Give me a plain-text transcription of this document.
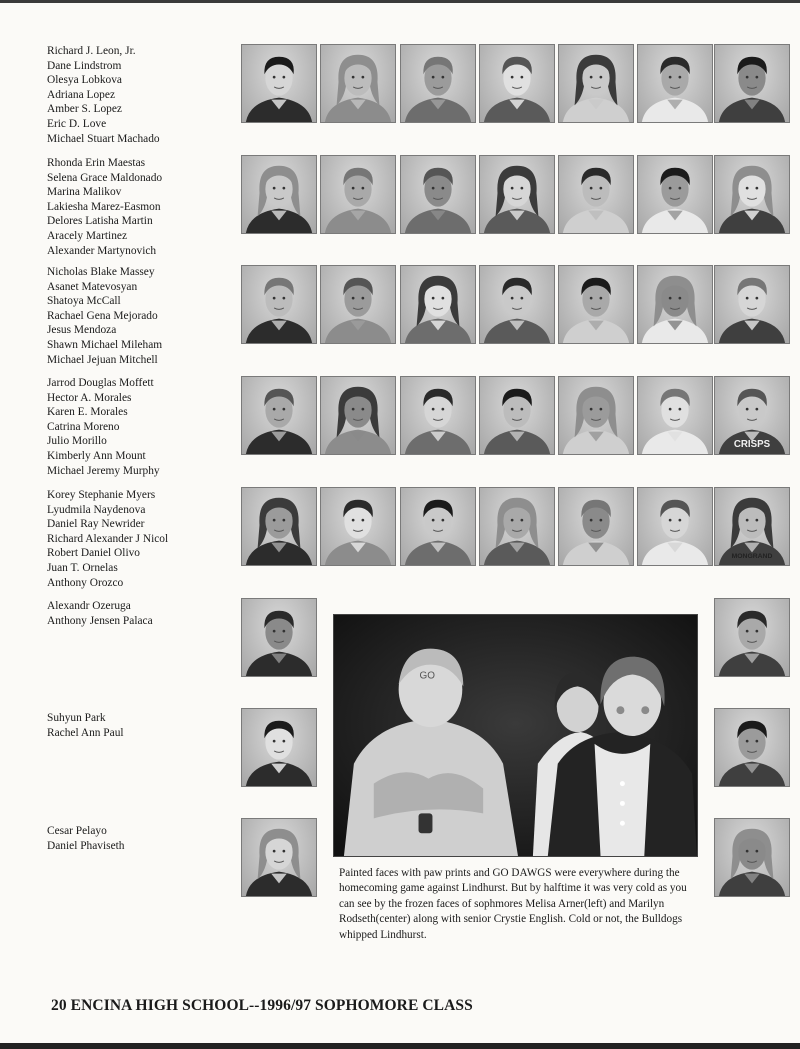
Richard J. Leon, Jr.
Dane Lindstrom
Olesya Lobkova
Adriana Lopez
Amber S. Lopez
Eric D. Love
Michael Stuart Machado
Rhonda Erin Maestas
Selena Grace Maldonado
Marina Malikov
Lakiesha Marez-Easmon
Delores Latisha Martin
Aracely Martinez
Alexander Martynovich
Nicholas Blake Massey
Asanet Matevosyan
Shatoya McCall
Rachael Gena Mejorado
Jesus Mendoza
Shawn Michael Mileham
Michael Jejuan Mitchell
Jarrod Douglas Moffett
Hector A. Morales
Karen E. Morales
Catrina Moreno
Julio Morillo
Kimberly Ann Mount
Michael Jeremy Murphy
Korey Stephanie Myers
Lyudmila Naydenova
Daniel Ray Newrider
Richard Alexander J Nicol
Robert Daniel Olivo
Juan T. Ornelas
Anthony Orozco
Alexandr Ozeruga
Anthony Jensen Palaca
Suhyun Park
Rachel Ann Paul
Cesar Pelayo
Daniel Phaviseth
CRISPS
MONGRAND
GO

Painted faces with paw prints and GO DAWGS were everywhere during the homecoming game against Lindhurst. But by halftime it was very cold as you can see by the frozen faces of sophmores Melisa Arner(left) and Marilyn Rodseth(center) along with senior Crystie English. Cold or not, the Bulldogs whipped Lindhurst.

20 ENCINA HIGH SCHOOL--1996/97 SOPHOMORE CLASS
